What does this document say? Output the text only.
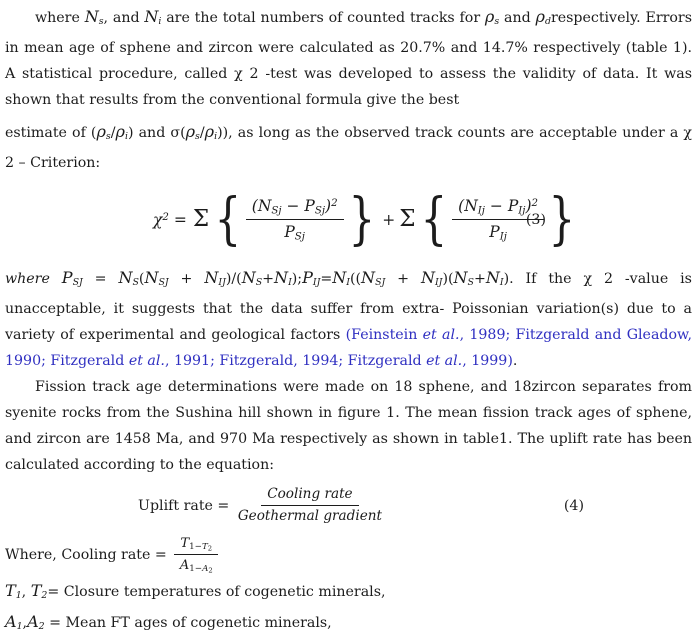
where $N_s$, and $N_i$ are the total numbers of counted tracks for $\rho_s$ and $\rho_drespectively$. Errors in mean age of sphene and zircon were calculated as 20.7% and 14.7% respectively (table 1). A statistical procedure, called χ 2 -test was developed to assess the validity of data. It was shown that results from the conventional formula give the best

estimate of $(\rho_s/\rho_i)$ and $\sigma(\rho_s/\rho_i)$), as long as the observed track counts are acceptable under a χ 2 – Criterion:

$\chi^2 = \Sigma$ { $\frac{(N_{Sj} - P_{Sj})^2}{P_{Sj}}$ } + Σ { $\frac{(N_{Ij} - P_{Ij})^2}{P_{Ij}}$ }
(3)

where $P_{SJ} = N_S(N_{SJ}$ + $N_{IJ})/(N_S+N_I);P_{IJ}=N_I((N_{SJ} + N_{IJ})(N_S+N_I)$. If the χ 2 -value is unacceptable, it suggests that the data suffer from extra- Poissonian variation(s) due to a variety of experimental and geological factors (Feinstein et al., 1989; Fitzgerald and Gleadow, 1990; Fitzgerald et al., 1991; Fitzgerald, 1994; Fitzgerald et al., 1999).

Fission track age determinations were made on 18 sphene, and 18zircon separates from syenite rocks from the Sushina hill shown in figure 1. The mean fission track ages of sphene, and zircon are 1458 Ma, and 970 Ma respectively as shown in table1. The uplift rate has been calculated according to the equation:

Uplift rate = $\frac{\text{Cooling rate}}{\text{Geothermal gradient}}$	(4)
Where, Cooling rate = $\frac{T_{1-T2}}{A_{1-A2}}$

$T_1$, $T_2=$ Closure temperatures of cogenetic minerals,

$A_1,A_2$ = Mean FT ages of cogenetic minerals,
